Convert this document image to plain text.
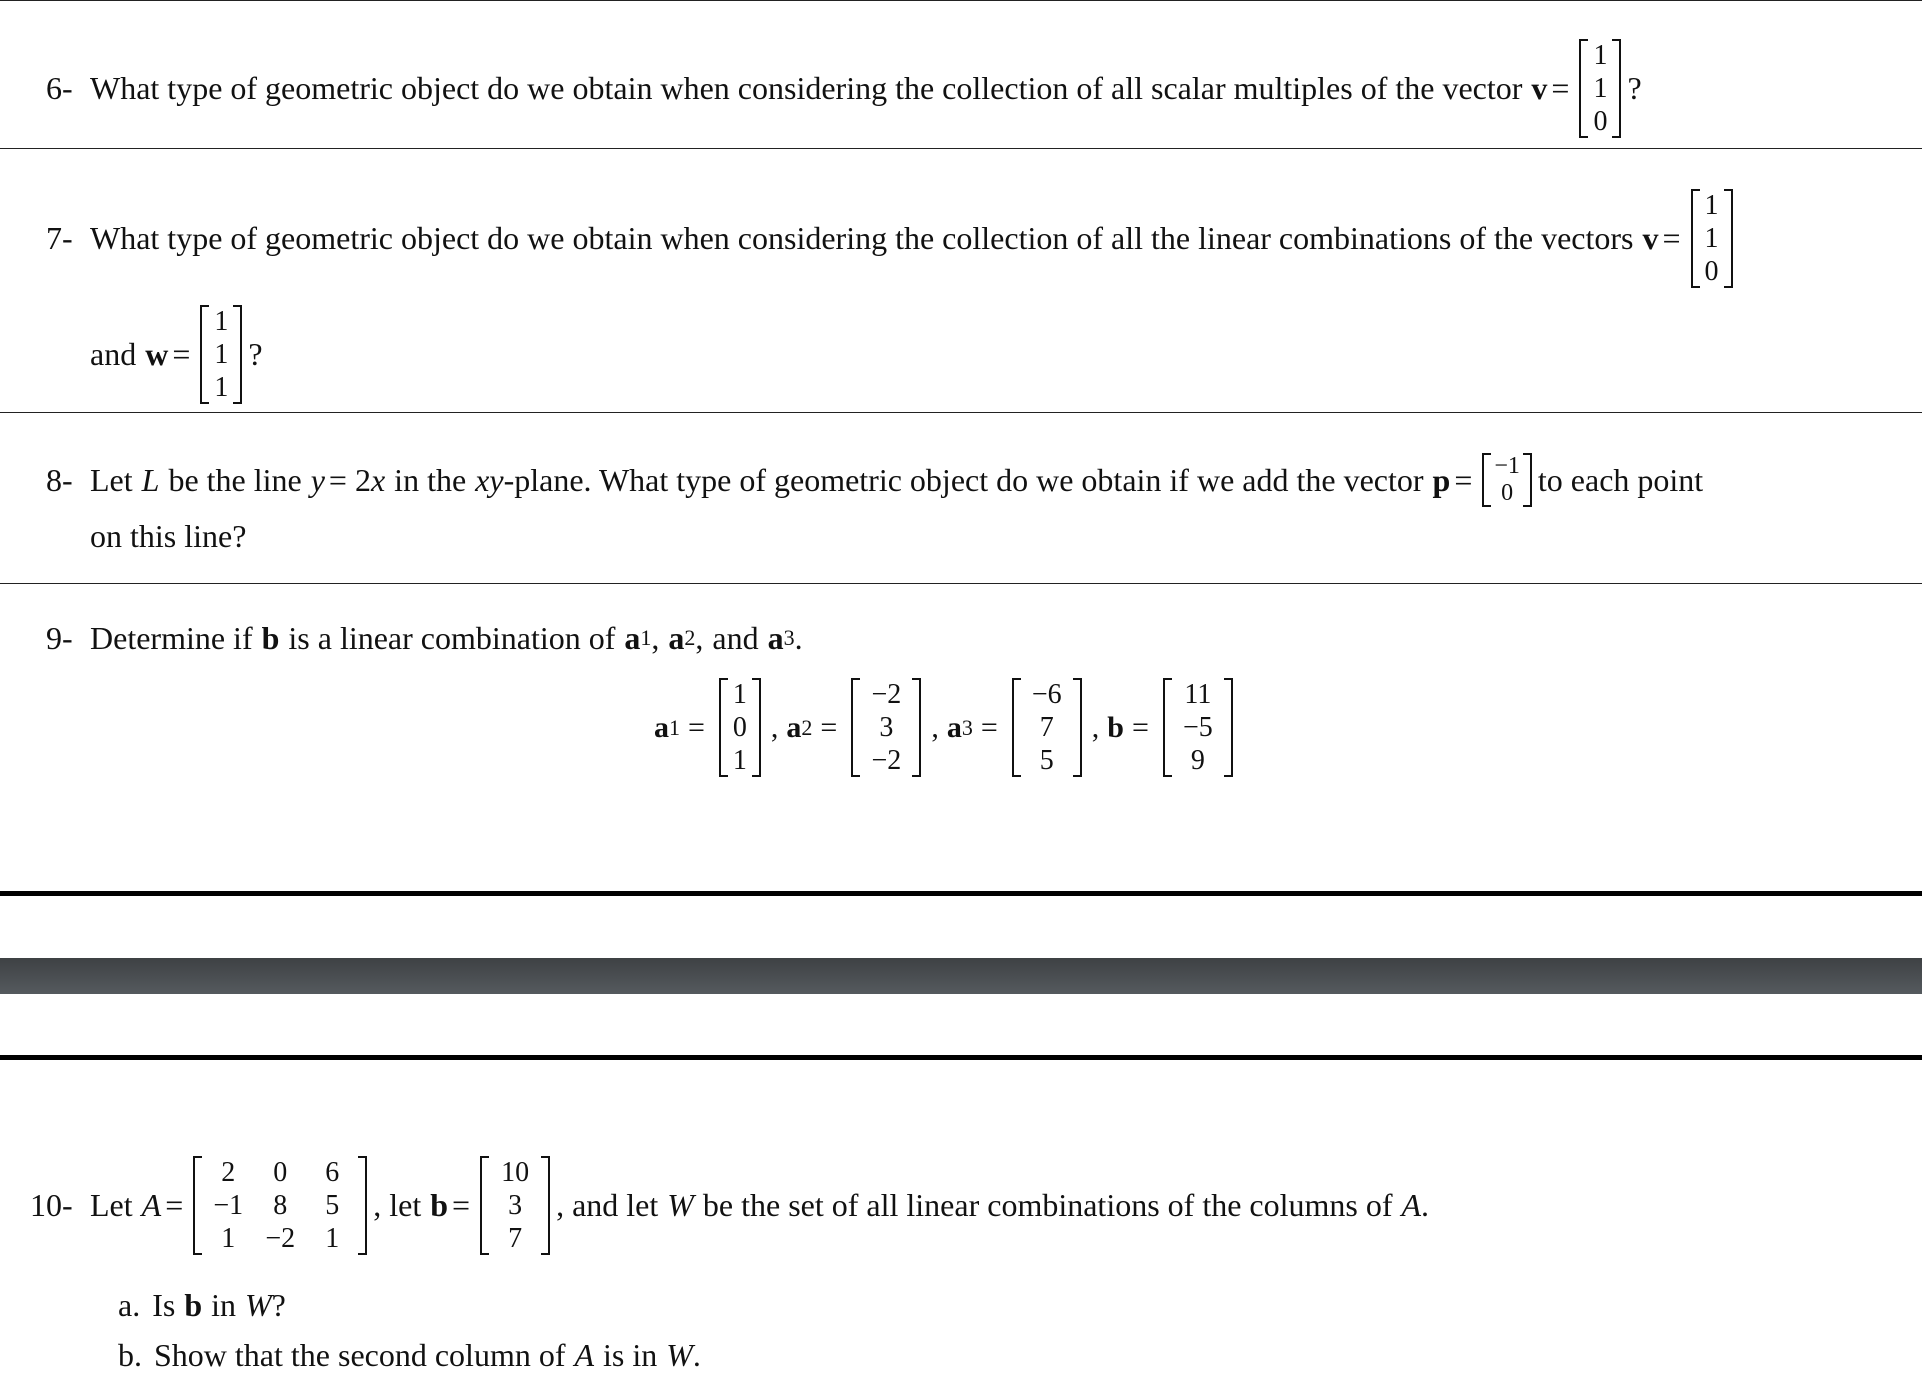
6- What type of geometric object do we obtain when considering the collection of all scalar multiples of the vector v =
1
1
0
?
7- What type of geometric object do we obtain when considering the collection of all the linear combinations of the vectors v =
1
1
0
and w =
1
1
1
?
8- Let L be the line y = 2 x in the xy -plane. What type of geometric object do we obtain if we add the vector p = −1
0 to each point
on this line?
9- Determine if b is a linear combination of a 1 , a 2 , and a 3 .
a 1 =
1
0
1
, a 2 =
−2
3
−2
, a 3 =
−6
7
5
, b =
11
−5
9
10- Let A =
2
−1
1
0
8
−2
6
5
1
, let b =
10
3
7
, and let W be the set of all linear combinations of the columns of A .
a. Is b in W ?
b. Show that the second column of A is in W .
